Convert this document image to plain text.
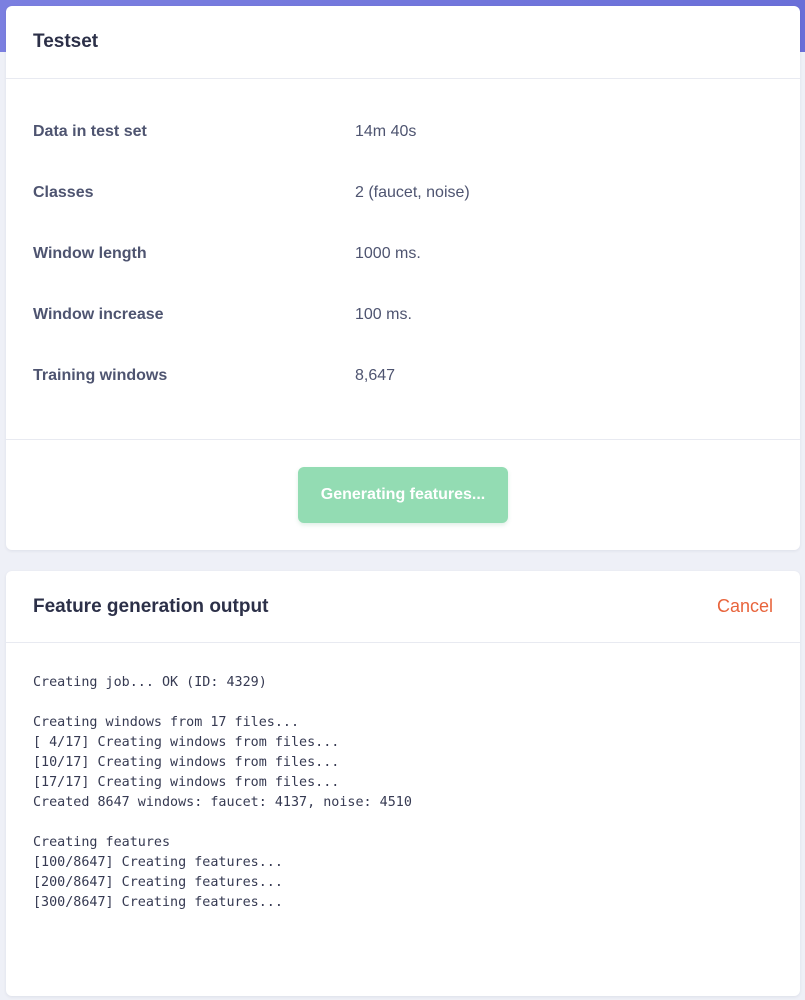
Testset
Data in test set	14m 40s
Classes	2 (faucet, noise)
Window length	1000 ms.
Window increase	100 ms.
Training windows	8,647
Generating features...
Feature generation output	Cancel
Creating job... OK (ID: 4329)
Creating windows from 17 files...
[ 4/17] Creating windows from files...
[10/17] Creating windows from files...
[17/17] Creating windows from files...
Created 8647 windows: faucet: 4137, noise: 4510
Creating features
[100/8647] Creating features...
[200/8647] Creating features...
[300/8647] Creating features...
